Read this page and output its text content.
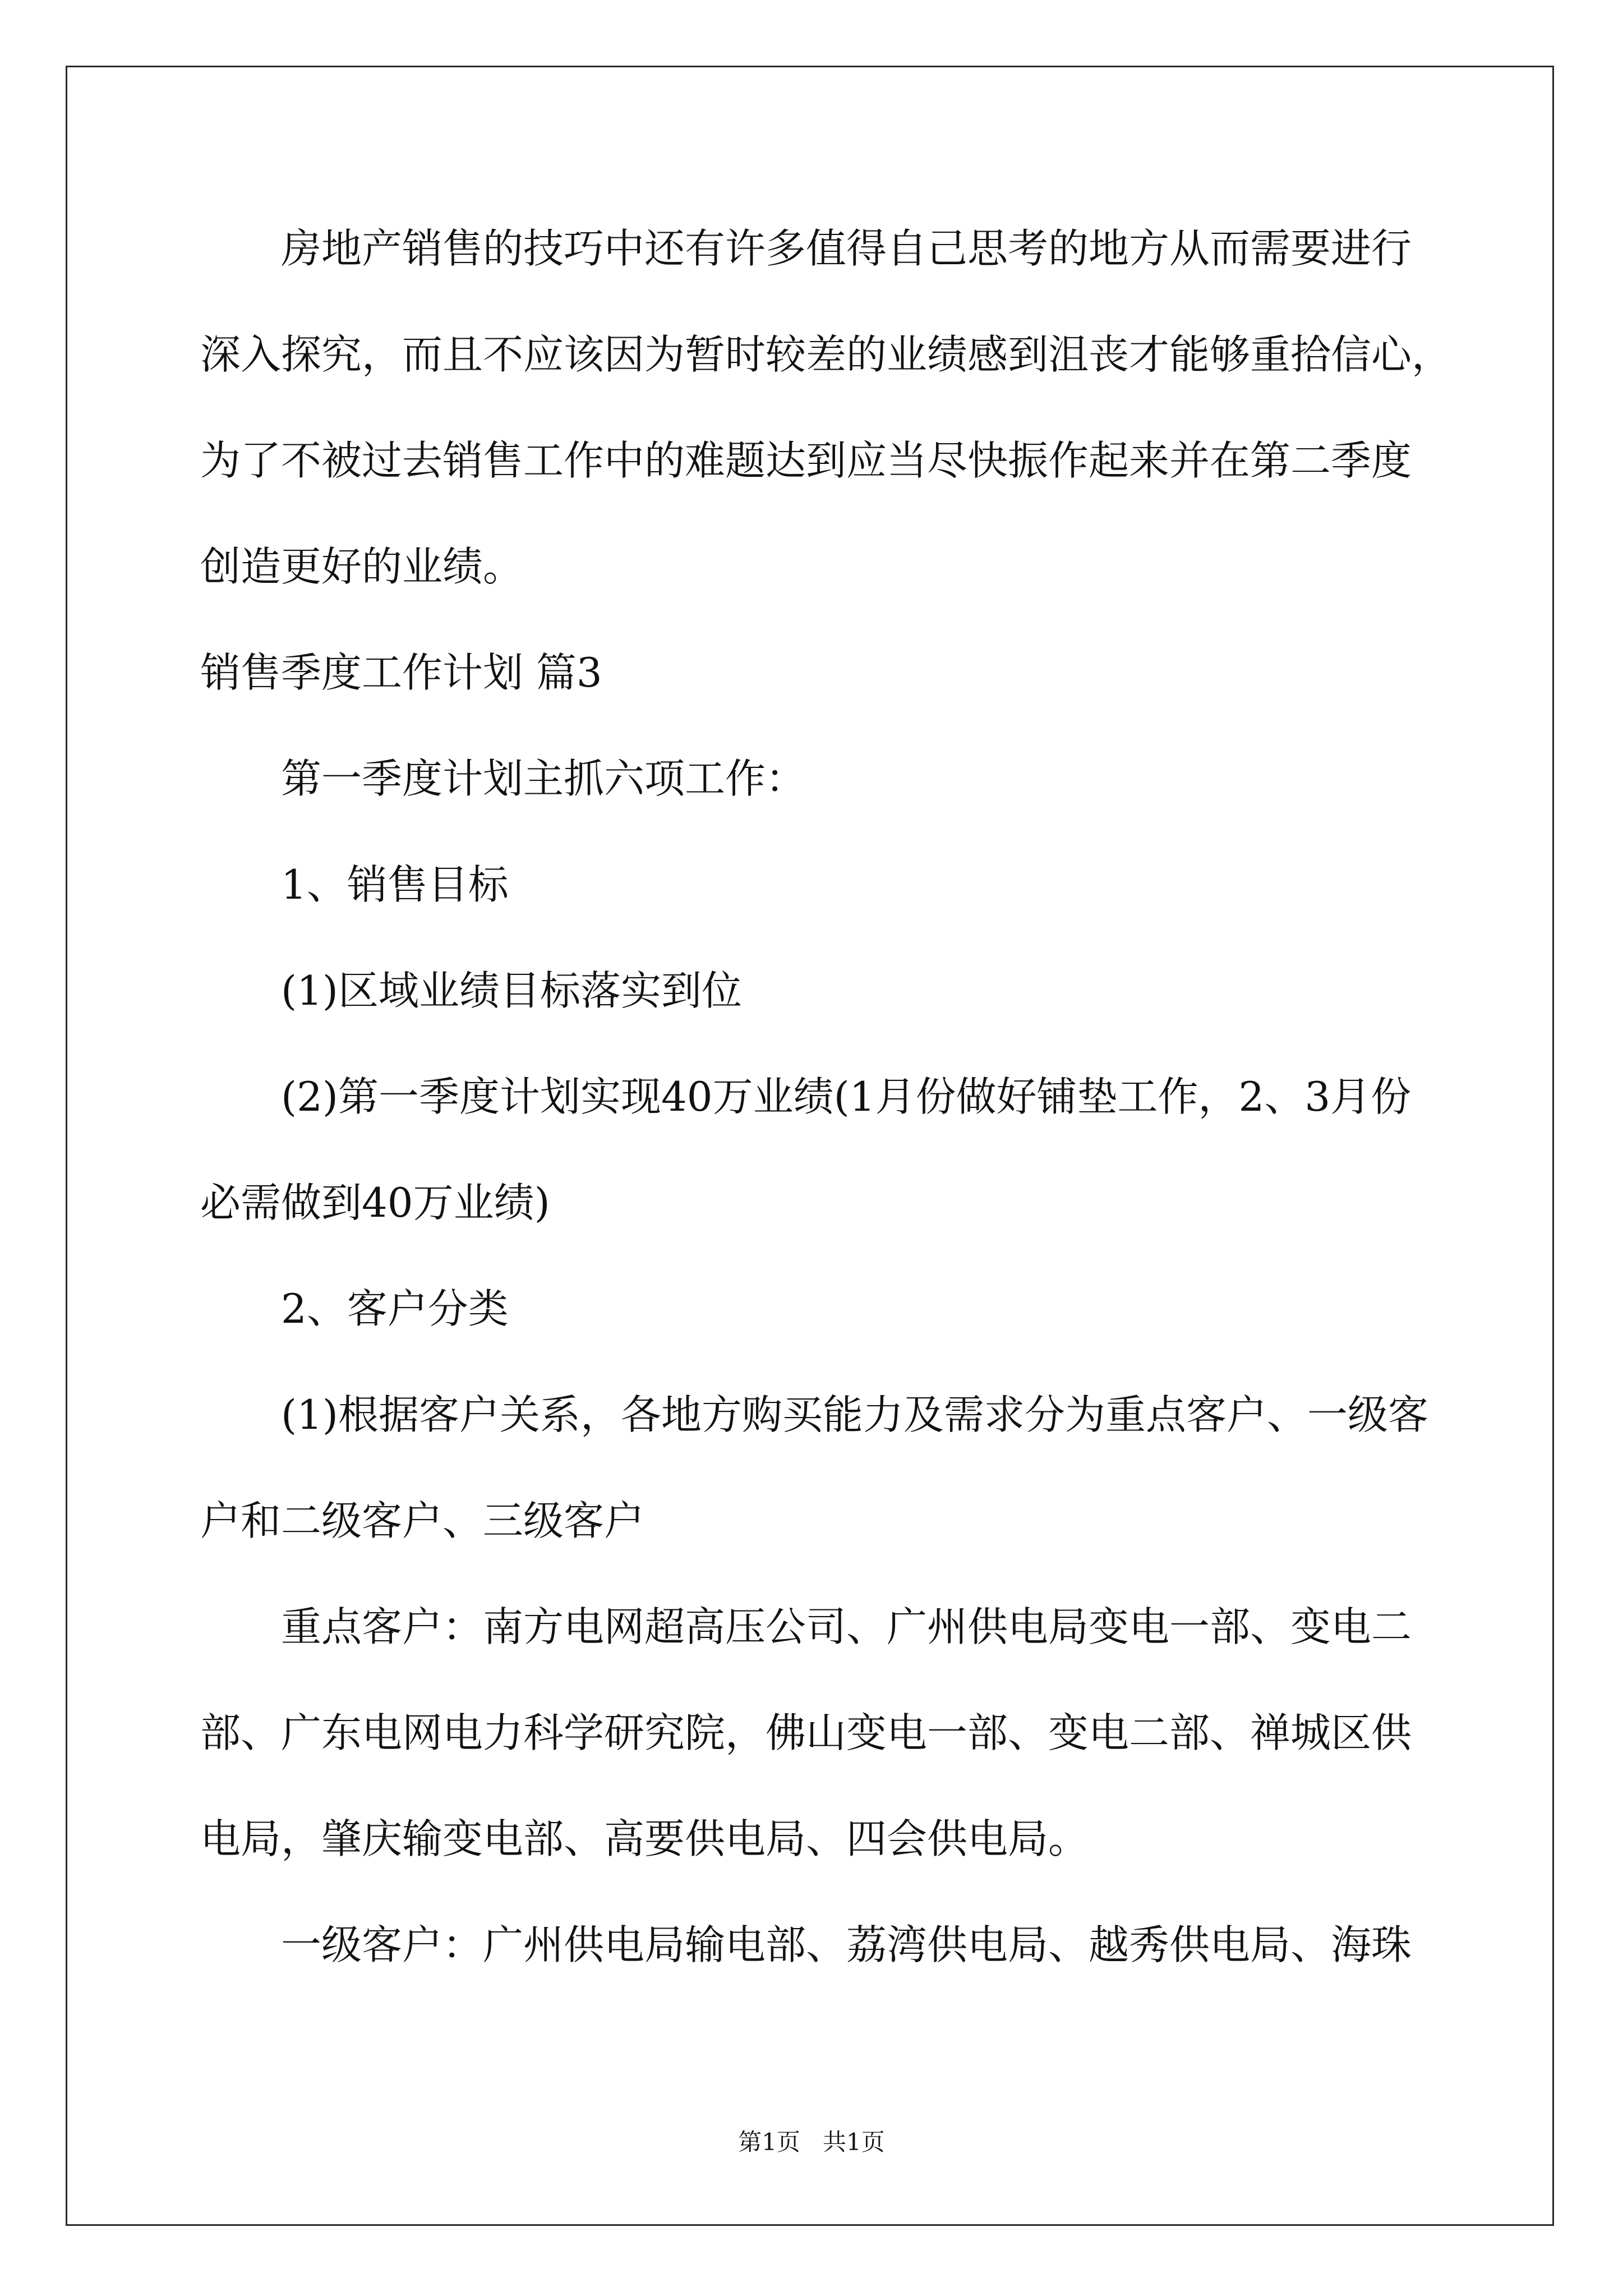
房地产销售的技巧中还有许多值得自己思考的地方从而需要进行
深入探究，而且不应该因为暂时较差的业绩感到沮丧才能够重拾信心，
为了不被过去销售工作中的难题达到应当尽快振作起来并在第二季度
创造更好的业绩。
销售季度工作计划 篇3
第一季度计划主抓六项工作：
1、销售目标
(1)区域业绩目标落实到位
(2)第一季度计划实现40万业绩(1月份做好铺垫工作，2、3月份
必需做到40万业绩)
2、客户分类
(1)根据客户关系，各地方购买能力及需求分为重点客户、一级客
户和二级客户、三级客户
重点客户：南方电网超高压公司、广州供电局变电一部、变电二
部、广东电网电力科学研究院，佛山变电一部、变电二部、禅城区供
电局，肇庆输变电部、高要供电局、四会供电局。
一级客户：广州供电局输电部、荔湾供电局、越秀供电局、海珠
第1页   共1页
